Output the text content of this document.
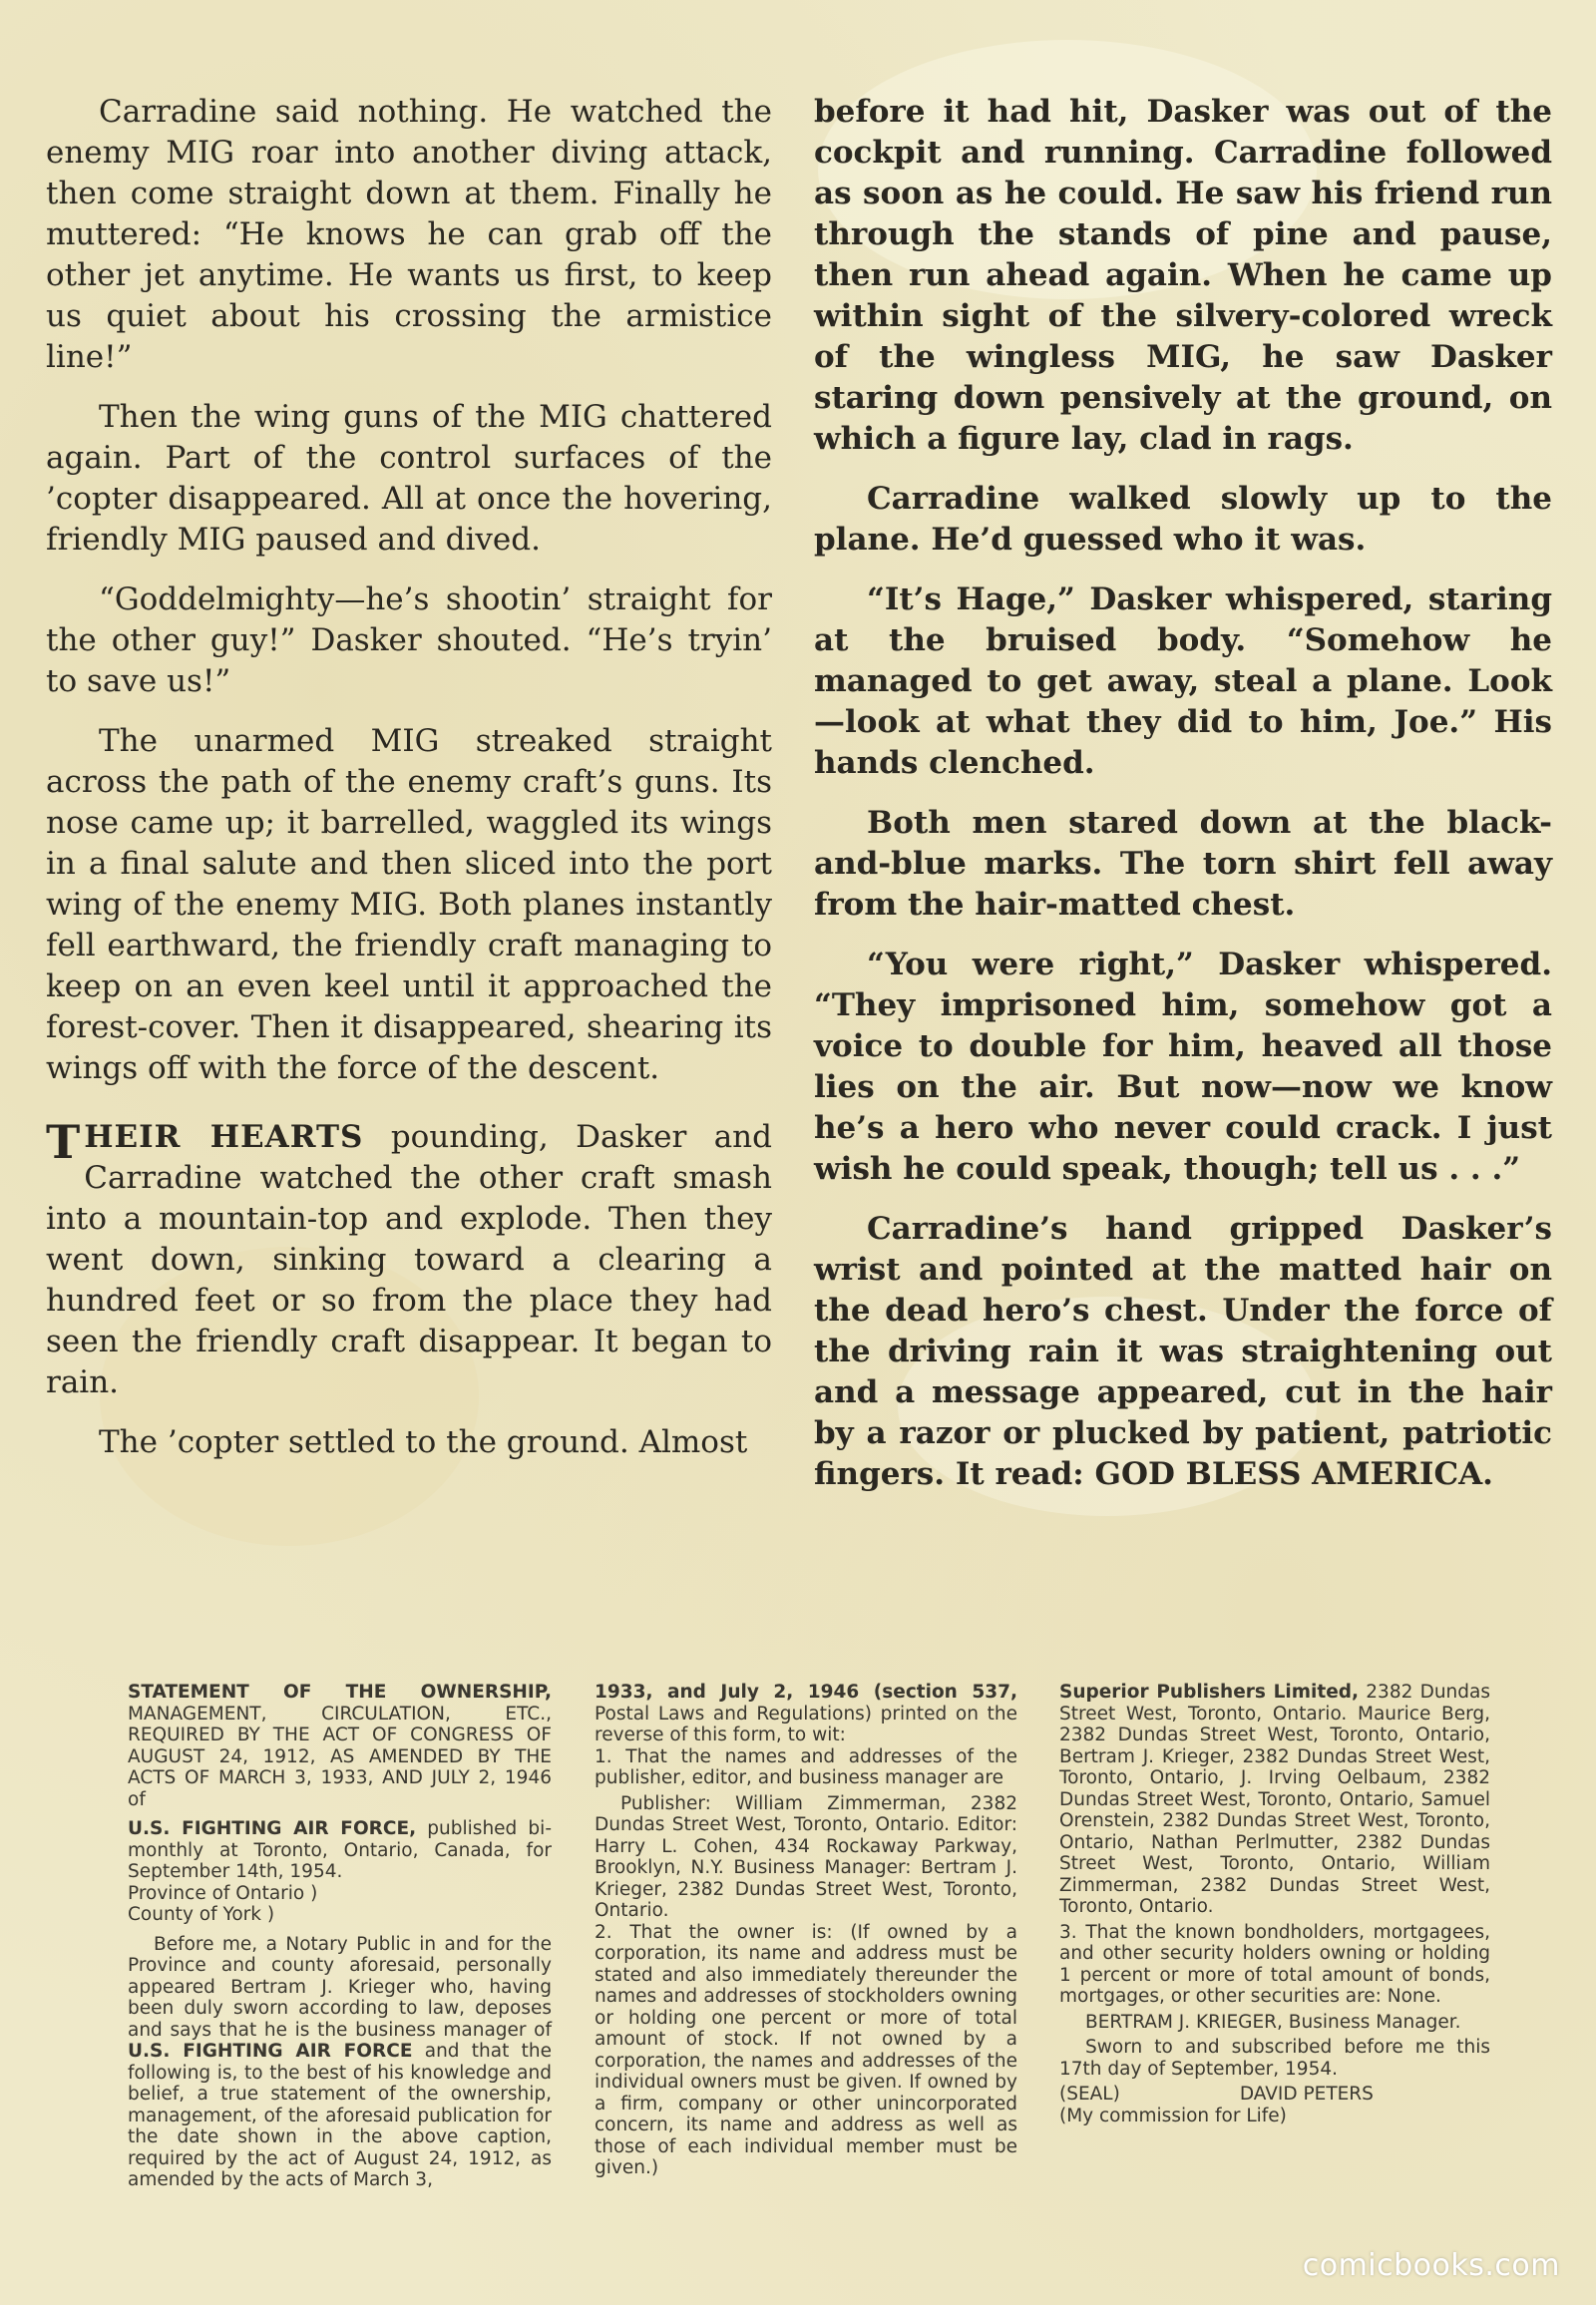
Carradine said nothing. He watched the enemy MIG roar into another diving attack, then come straight down at them. Finally he muttered: “He knows he can grab off the other jet anytime. He wants us first, to keep us quiet about his crossing the armistice line!”

Then the wing guns of the MIG chattered again. Part of the control surfaces of the ’copter disappeared. All at once the hovering, friendly MIG paused and dived.

“Goddelmighty—he’s shootin’ straight for the other guy!” Dasker shouted. “He’s tryin’ to save us!”

The unarmed MIG streaked straight across the path of the enemy craft’s guns. Its nose came up; it barrelled, waggled its wings in a final salute and then sliced into the port wing of the enemy MIG. Both planes instantly fell earthward, the friendly craft managing to keep on an even keel until it approached the forest-cover. Then it disappeared, shearing its wings off with the force of the descent.

T HEIR HEARTS pounding, Dasker and Carradine watched the other craft smash into a mountain-top and explode. Then they went down, sinking toward a clearing a hundred feet or so from the place they had seen the friendly craft disappear. It began to rain.

The ’copter settled to the ground. Almost

before it had hit, Dasker was out of the cockpit and running. Carradine followed as soon as he could. He saw his friend run through the stands of pine and pause, then run ahead again. When he came up within sight of the silvery-colored wreck of the wingless MIG, he saw Dasker staring down pensively at the ground, on which a figure lay, clad in rags.

Carradine walked slowly up to the plane. He’d guessed who it was.

“It’s Hage,” Dasker whispered, staring at the bruised body. “Somehow he managed to get away, steal a plane. Look—look at what they did to him, Joe.” His hands clenched.

Both men stared down at the black-and-blue marks. The torn shirt fell away from the hair-matted chest.

“You were right,” Dasker whispered. “They imprisoned him, somehow got a voice to double for him, heaved all those lies on the air. But now—now we know he’s a hero who never could crack. I just wish he could speak, though; tell us . . .”

Carradine’s hand gripped Dasker’s wrist and pointed at the matted hair on the dead hero’s chest. Under the force of the driving rain it was straightening out and a message appeared, cut in the hair by a razor or plucked by patient, patriotic fingers. It read: GOD BLESS AMERICA.

STATEMENT OF THE OWNERSHIP, MANAGEMENT, CIRCULATION, ETC., REQUIRED BY THE ACT OF CONGRESS OF AUGUST 24, 1912, AS AMENDED BY THE ACTS OF MARCH 3, 1933, AND JULY 2, 1946 of

U.S. FIGHTING AIR FORCE, published bi-monthly at Toronto, Ontario, Canada, for September 14th, 1954.

Province of Ontario )

County of York )

Before me, a Notary Public in and for the Province and county aforesaid, personally appeared Bertram J. Krieger who, having been duly sworn according to law, deposes and says that he is the business manager of U.S. FIGHTING AIR FORCE and that the following is, to the best of his knowledge and belief, a true statement of the ownership, management, of the aforesaid publication for the date shown in the above caption, required by the act of August 24, 1912, as amended by the acts of March 3,

1933, and July 2, 1946 (section 537, Postal Laws and Regulations) printed on the reverse of this form, to wit:

1. That the names and addresses of the publisher, editor, and business manager are

Publisher: William Zimmerman, 2382 Dundas Street West, Toronto, Ontario. Editor: Harry L. Cohen, 434 Rockaway Parkway, Brooklyn, N.Y. Business Manager: Bertram J. Krieger, 2382 Dundas Street West, Toronto, Ontario.

2. That the owner is: (If owned by a corporation, its name and address must be stated and also immediately thereunder the names and addresses of stockholders owning or holding one percent or more of total amount of stock. If not owned by a corporation, the names and addresses of the individual owners must be given. If owned by a firm, company or other unincorporated concern, its name and address as well as those of each individual member must be given.)

Superior Publishers Limited, 2382 Dundas Street West, Toronto, Ontario. Maurice Berg, 2382 Dundas Street West, Toronto, Ontario, Bertram J. Krieger, 2382 Dundas Street West, Toronto, Ontario, J. Irving Oelbaum, 2382 Dundas Street West, Toronto, Ontario, Samuel Orenstein, 2382 Dundas Street West, Toronto, Ontario, Nathan Perlmutter, 2382 Dundas Street West, Toronto, Ontario, William Zimmerman, 2382 Dundas Street West, Toronto, Ontario.

3. That the known bondholders, mortgagees, and other security holders owning or holding 1 percent or more of total amount of bonds, mortgages, or other securities are: None.

BERTRAM J. KRIEGER, Business Manager.

Sworn to and subscribed before me this 17th day of September, 1954.

(SEAL)	DAVID PETERS

(My commission for Life)

comicbooks.com
